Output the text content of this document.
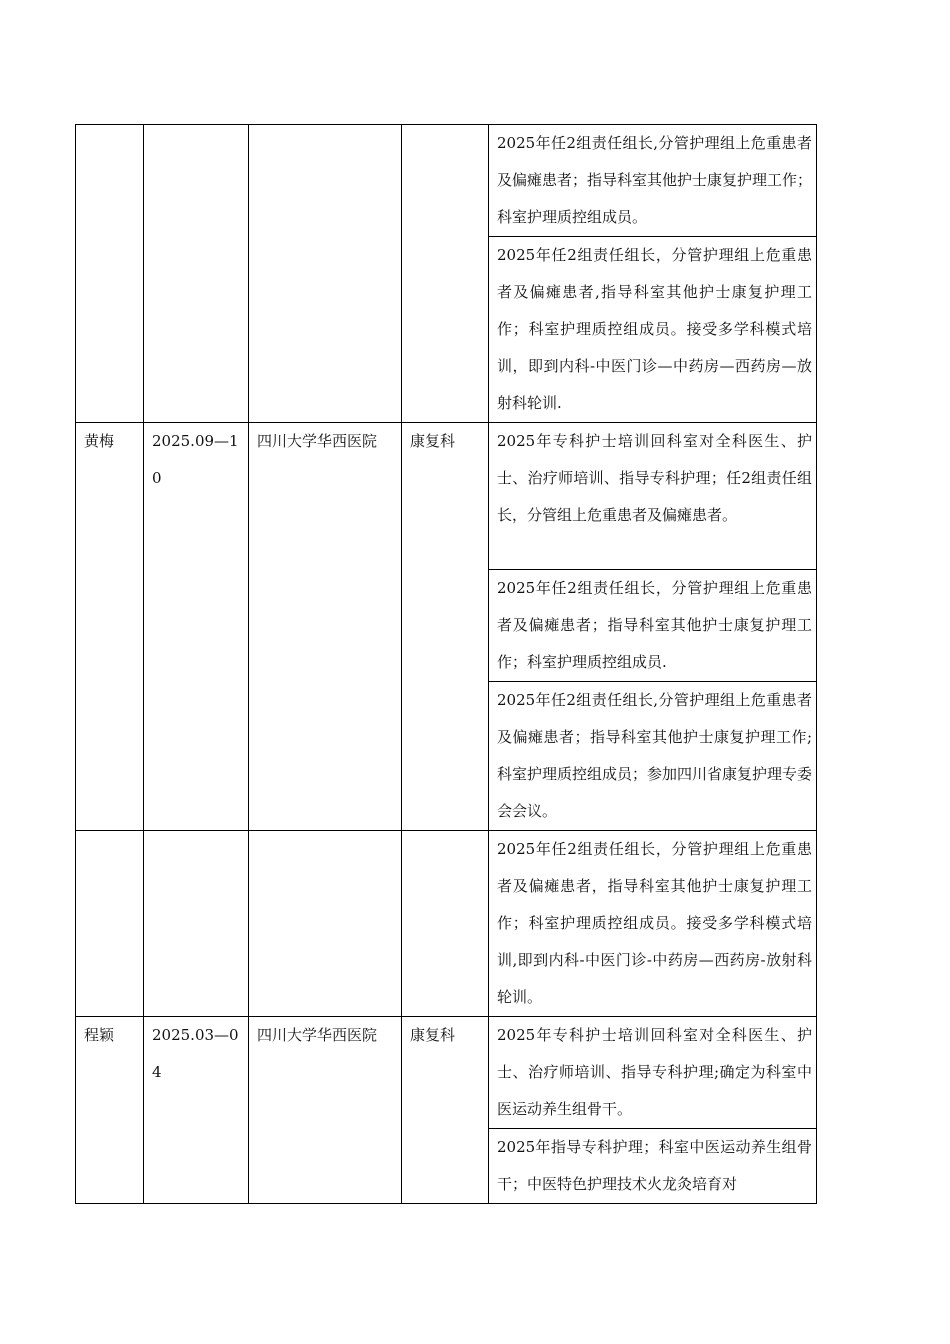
				2025年任2组责任组长,分管护理组上危重患者及偏瘫患者；指导科室其他护士康复护理工作；科室护理质控组成员。
				2025年任2组责任组长，分管护理组上危重患者及偏瘫患者,指导科室其他护士康复护理工作；科室护理质控组成员。接受多学科模式培训，即到内科-中医门诊—中药房—西药房—放射科轮训.
黄梅	2025.09—10	四川大学华西医院	康复科	2025年专科护士培训回科室对全科医生、护士、治疗师培训、指导专科护理；任2组责任组长，分管组上危重患者及偏瘫患者。
				2025年任2组责任组长，分管护理组上危重患者及偏瘫患者；指导科室其他护士康复护理工作；科室护理质控组成员.
				2025年任2组责任组长,分管护理组上危重患者及偏瘫患者；指导科室其他护士康复护理工作;科室护理质控组成员；参加四川省康复护理专委会会议。
				2025年任2组责任组长，分管护理组上危重患者及偏瘫患者，指导科室其他护士康复护理工作；科室护理质控组成员。接受多学科模式培训,即到内科-中医门诊-中药房—西药房-放射科轮训。
程颖	2025.03—04	四川大学华西医院	康复科	2025年专科护士培训回科室对全科医生、护士、治疗师培训、指导专科护理;确定为科室中医运动养生组骨干。
				2025年指导专科护理；科室中医运动养生组骨干；中医特色护理技术火龙灸培育对
